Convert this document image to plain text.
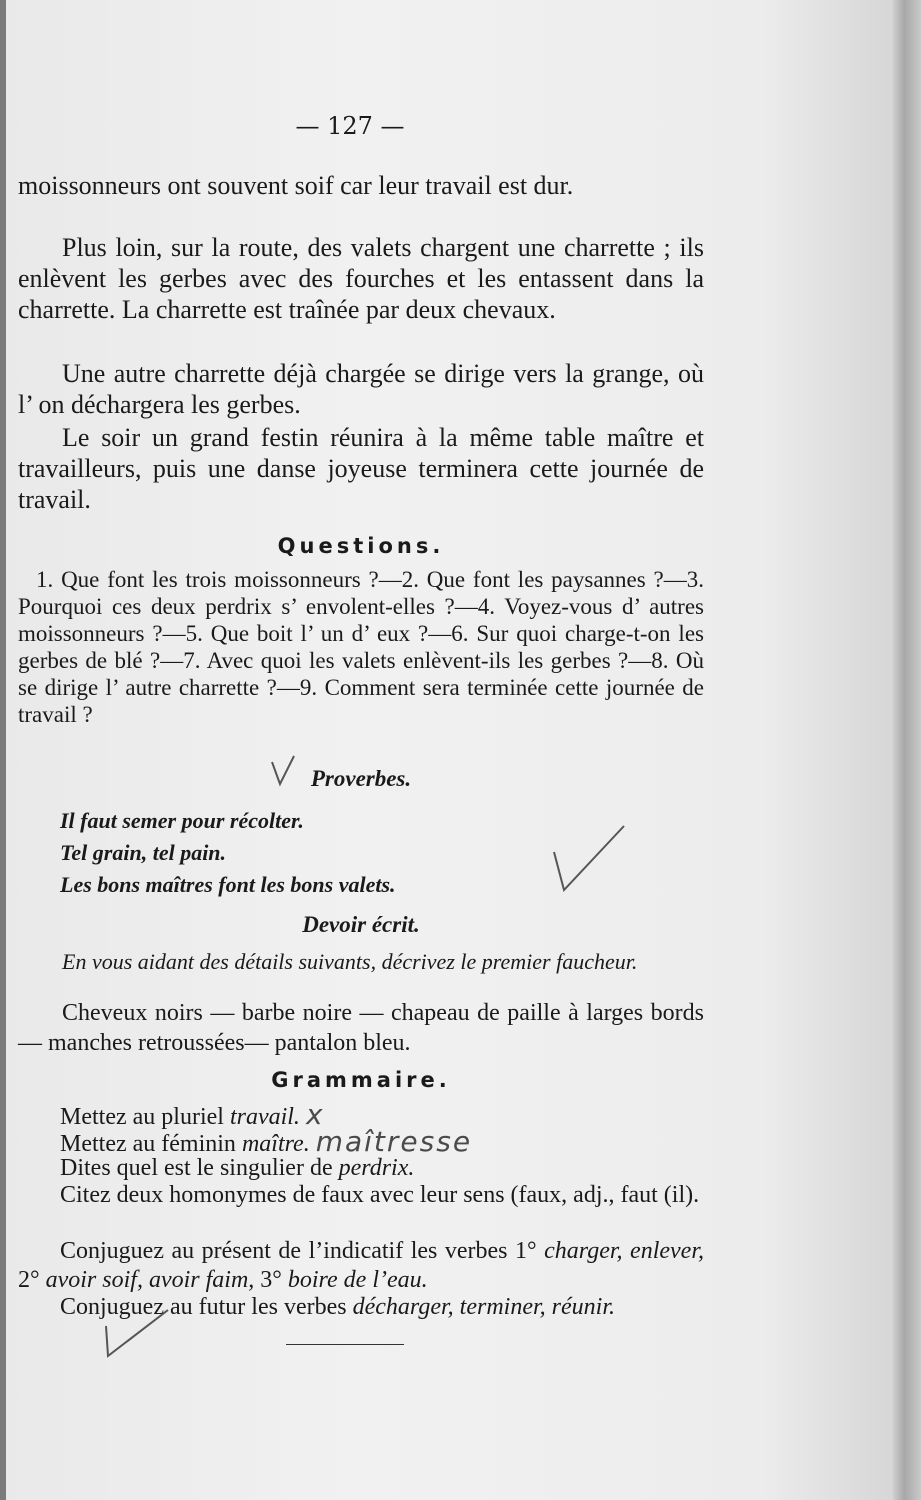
— 127 —
moissonneurs ont souvent soif car leur travail est dur.
Plus loin, sur la route, des valets chargent une charrette ; ils enlèvent les gerbes avec des fourches et les entassent dans la charrette. La charrette est traînée par deux chevaux.
Une autre charrette déjà chargée se dirige vers la grange, où l’ on déchargera les gerbes.
Le soir un grand festin réunira à la même table maître et travailleurs, puis une danse joyeuse terminera cette journée de travail.
Questions.
1. Que font les trois moissonneurs ?—2. Que font les paysannes ?—3. Pourquoi ces deux perdrix s’ envolent-elles ?—4. Voyez-vous d’ autres moissonneurs ?—5. Que boit l’ un d’ eux ?—6. Sur quoi charge-t-on les gerbes de blé ?—7. Avec quoi les valets enlèvent-ils les gerbes ?—8. Où se dirige l’ autre charrette ?—9. Comment sera terminée cette journée de travail ?
Proverbes.
Il faut semer pour récolter.
Tel grain, tel pain.
Les bons maîtres font les bons valets.
Devoir écrit.
En vous aidant des détails suivants, décrivez le premier faucheur.
Cheveux noirs — barbe noire — chapeau de paille à larges bords — manches retroussées— pantalon bleu.
Grammaire.
Mettez au pluriel travail. x
Mettez au féminin maître. maîtresse
Dites quel est le singulier de perdrix.
Citez deux homonymes de faux avec leur sens (faux, adj., faut (il).
Conjuguez au présent de l’indicatif les verbes 1° charger, enlever, 2° avoir soif, avoir faim, 3° boire de l’eau.
Conjuguez au futur les verbes décharger, terminer, réunir.
